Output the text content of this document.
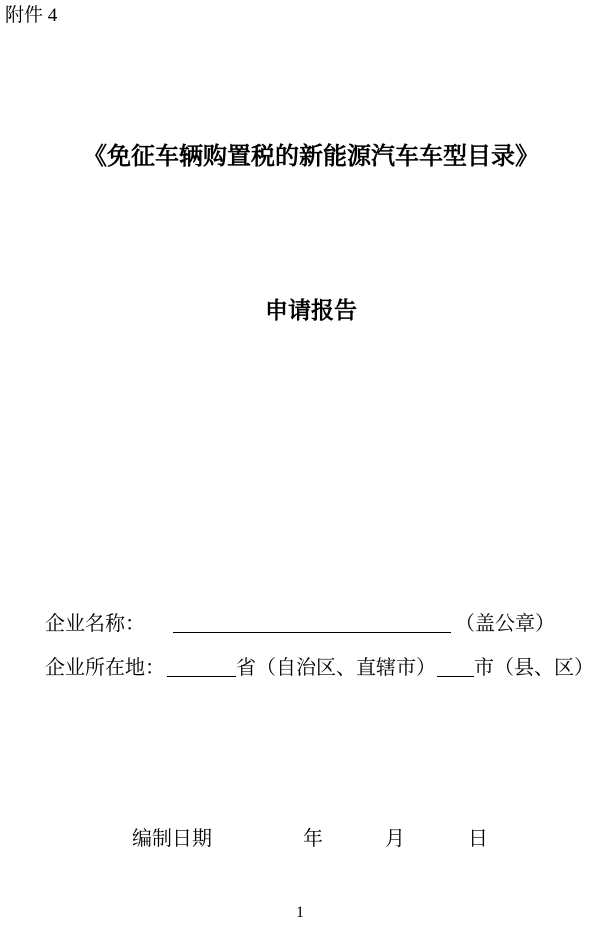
附件 4
《免征车辆购置税的新能源汽车车型目录》
申请报告
企业名称：	（盖公章）
企业所在地：	省（自治区、直辖市） 市（县、区）
编制日期	年	月	日
1
